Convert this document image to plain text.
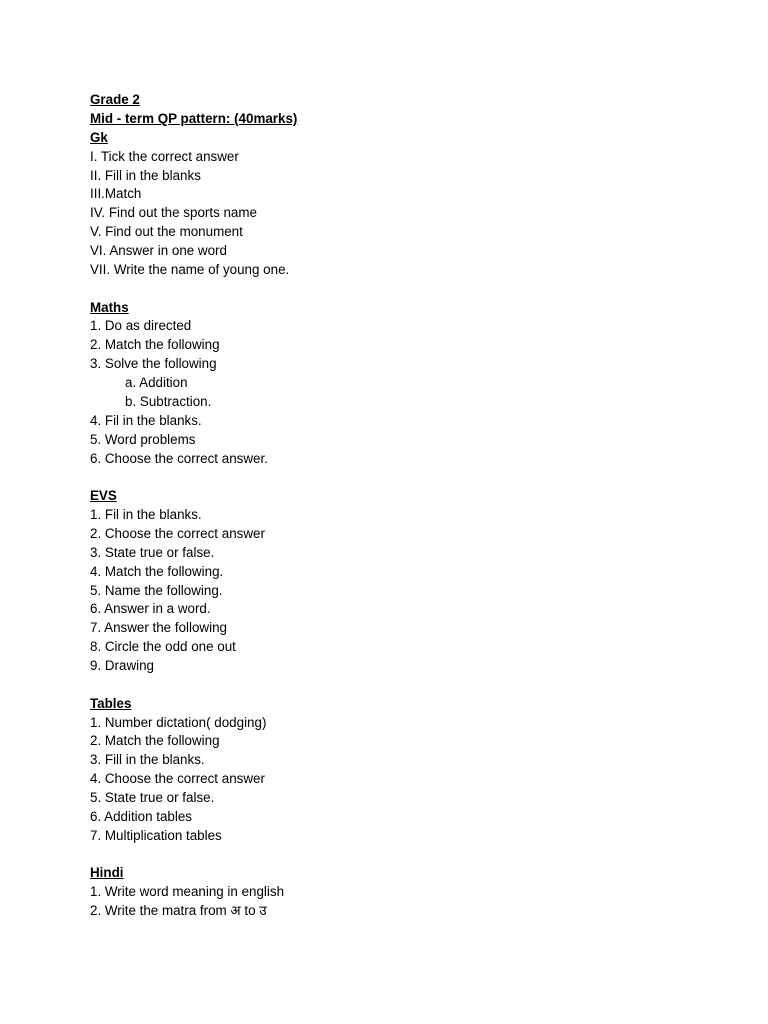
Grade 2
Mid - term QP pattern: (40marks)
Gk
I. Tick the correct answer
II. Fill in the blanks
III.Match
IV. Find out the sports name
V. Find out the monument
VI. Answer in one word
VII. Write the name of young one.
Maths
1. Do as directed
2. Match the following
3. Solve the following
a. Addition
b. Subtraction.
4. Fil in the blanks.
5. Word problems
6. Choose the correct answer.
EVS
1. Fil in the blanks.
2. Choose the correct answer
3. State true or false.
4. Match the following.
5. Name the following.
6. Answer in a word.
7. Answer the following
8. Circle the odd one out
9. Drawing
Tables
1. Number dictation( dodging)
2. Match the following
3. Fill in the blanks.
4. Choose the correct answer
5. State true or false.
6. Addition tables
7. Multiplication tables
Hindi
1. Write word meaning in english
2. Write the matra from अ to उ
